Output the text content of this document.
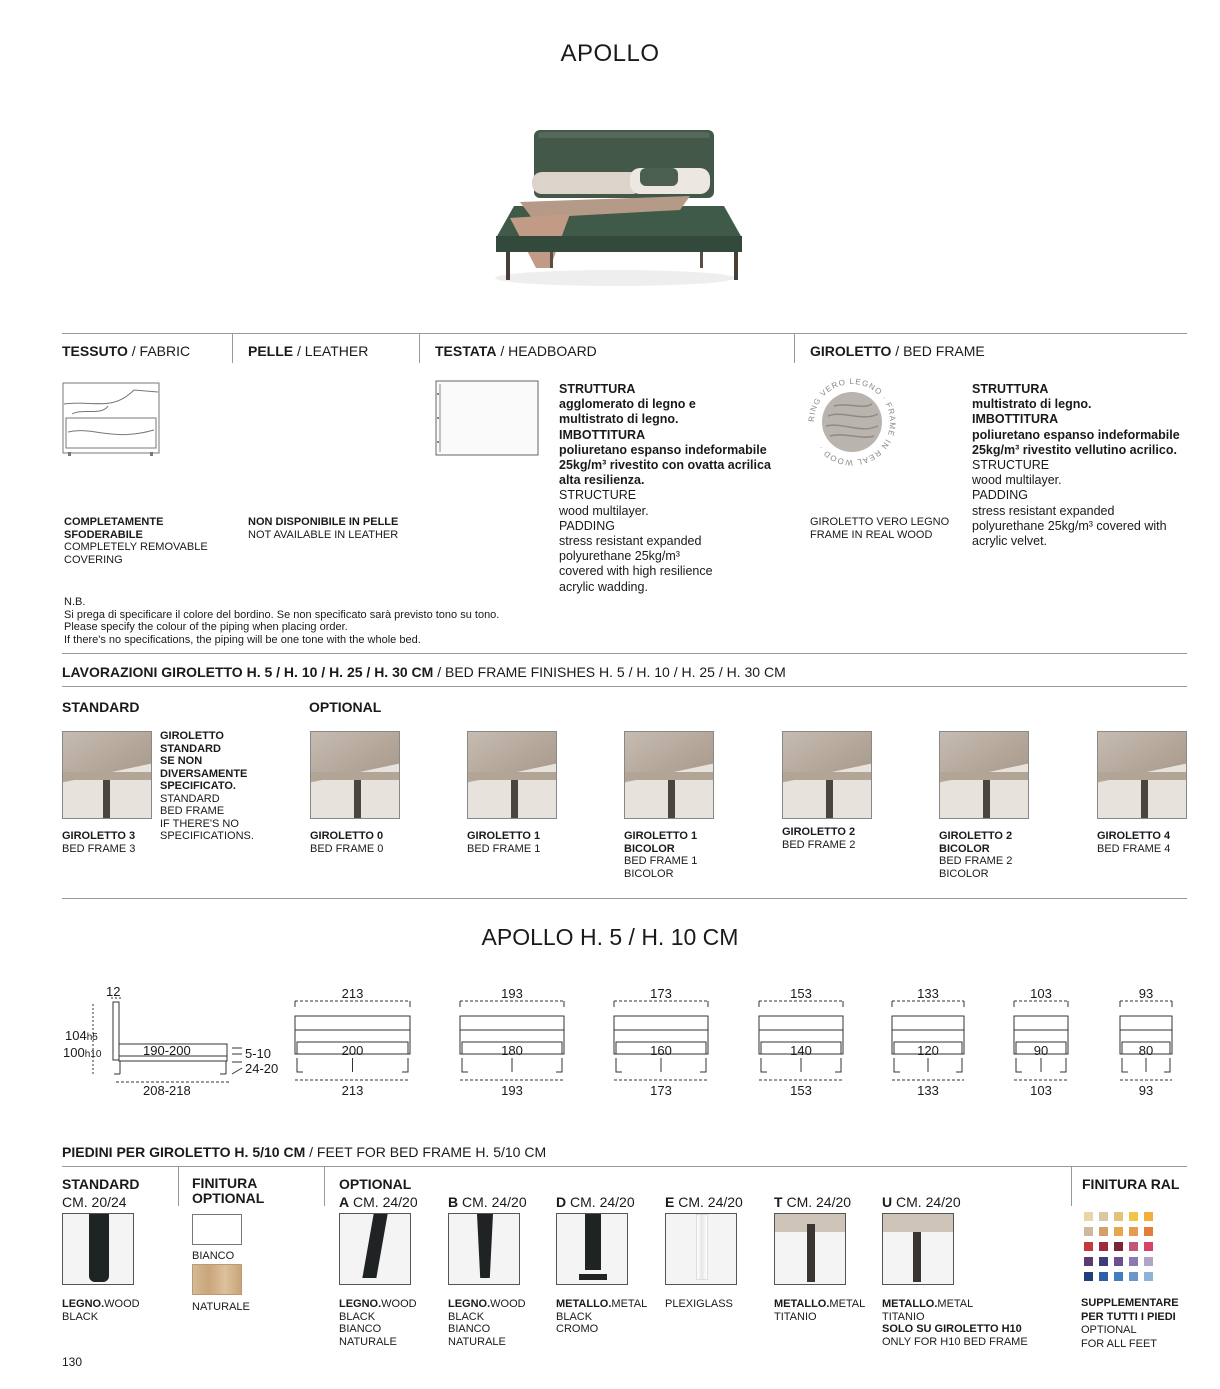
APOLLO
TESSUTO / FABRIC	PELLE / LEATHER	TESTATA / HEADBOARD	GIROLETTO / BED FRAME
COMPLETAMENTE
SFODERABILE
COMPLETELY REMOVABLE
COVERING
NON DISPONIBILE IN PELLE
NOT AVAILABLE IN LEATHER
STRUTTURA
agglomerato di legno e
multistrato di legno.
IMBOTTITURA
poliuretano espanso indeformabile
25kg/m³ rivestito con ovatta acrilica
alta resilienza.
STRUCTURE
wood multilayer.
PADDING
stress resistant expanded
polyurethane 25kg/m³
covered with high resilience
acrylic wadding.
RING VERO LEGNO · FRAME IN REAL WOOD ·
GIROLETTO VERO LEGNO
FRAME IN REAL WOOD
STRUTTURA
multistrato di legno.
IMBOTTITURA
poliuretano espanso indeformabile
25kg/m³ rivestito vellutino acrilico.
STRUCTURE
wood multilayer.
PADDING
stress resistant expanded
polyurethane 25kg/m³ covered with
acrylic velvet.
N.B.
Si prega di specificare il colore del bordino. Se non specificato sarà previsto tono su tono.
Please specify the colour of the piping when placing order.
If there's no specifications, the piping will be one tone with the whole bed.
LAVORAZIONI GIROLETTO H. 5 / H. 10 / H. 25 / H. 30 CM / BED FRAME FINISHES H. 5 / H. 10 / H. 25 / H. 30 CM
STANDARD	OPTIONAL
GIROLETTO
STANDARD
SE NON
DIVERSAMENTE
SPECIFICATO.
STANDARD
BED FRAME
IF THERE'S NO
SPECIFICATIONS.
GIROLETTO 3
BED FRAME 3
GIROLETTO 0
BED FRAME 0
GIROLETTO 1
BED FRAME 1
GIROLETTO 1
BICOLOR
BED FRAME 1
BICOLOR
GIROLETTO 2
BED FRAME 2
GIROLETTO 2
BICOLOR
BED FRAME 2
BICOLOR
GIROLETTO 4
BED FRAME 4
APOLLO H. 5 / H. 10 CM
12
104h5
100h10	190-200
208-218
5-10
24-20
213
200
213
193
180
193
173
160
173
153
140
153
133
120
133
103
90
103
93
80
93
PIEDINI PER GIROLETTO H. 5/10 CM / FEET FOR BED FRAME H. 5/10 CM
STANDARD
CM. 20/24
LEGNO.WOOD
BLACK
FINITURA
OPTIONAL
BIANCO
NATURALE
OPTIONAL
A CM. 24/20
LEGNO.WOOD
BLACK
BIANCO
NATURALE
B CM. 24/20
LEGNO.WOOD
BLACK
BIANCO
NATURALE
D CM. 24/20
METALLO.METAL
BLACK
CROMO
E CM. 24/20
PLEXIGLASS
T CM. 24/20
METALLO.METAL
TITANIO
U CM. 24/20
METALLO.METAL
TITANIO
SOLO SU GIROLETTO H10
ONLY FOR H10 BED FRAME
FINITURA RAL
SUPPLEMENTARE
PER TUTTI I PIEDI
OPTIONAL
FOR ALL FEET
130
